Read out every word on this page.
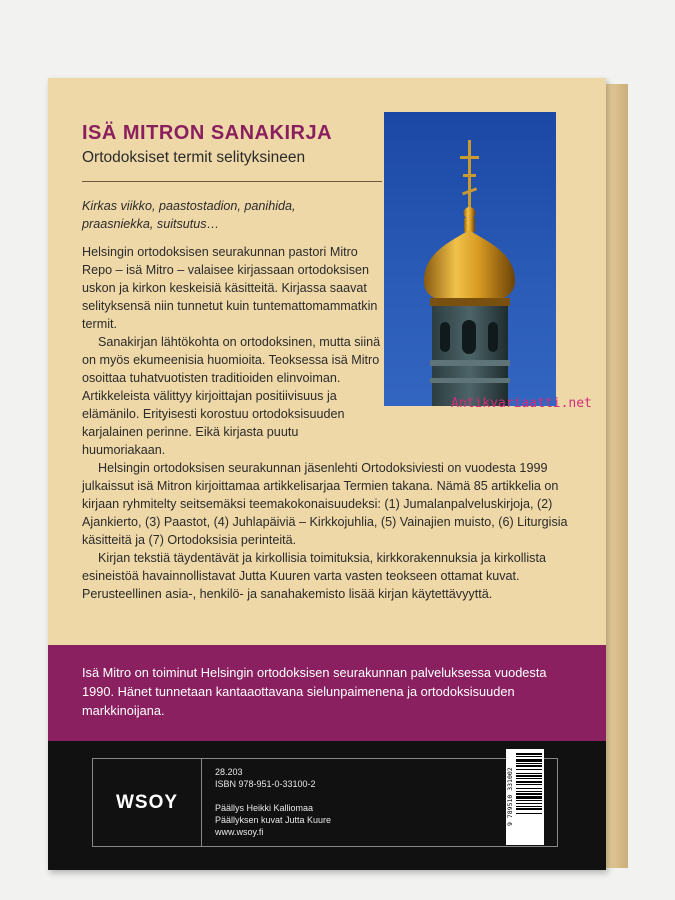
ISÄ MITRON SANAKIRJA
Ortodoksiset termit selityksineen
Kirkas viikko, paastostadion, panihida,
praasniekka, suitsutus…

Helsingin ortodoksisen seurakunnan pastori Mitro Repo – isä Mitro – valaisee kirjassaan ortodoksisen uskon ja kirkon keskeisiä käsitteitä. Kirjassa saavat selityksensä niin tunnetut kuin tuntemattomammatkin termit.

Sanakirjan lähtökohta on ortodoksinen, mutta siinä on myös ekumeenisia huomioita. Teoksessa isä Mitro osoittaa tuhatvuotisten traditioiden elinvoiman. Artikkeleista välittyy kirjoittajan positiivisuus ja elämänilo. Erityisesti korostuu ortodoksisuuden karjalainen perinne. Eikä kirjasta puutu huumoriakaan.

Helsingin ortodoksisen seurakunnan jäsenlehti Ortodoksiviesti on vuodesta 1999 julkaissut isä Mitron kirjoittamaa artikkelisarjaa Termien takana. Nämä 85 artikkelia on kirjaan ryhmitelty seitsemäksi teemakokonaisuudeksi: (1) Jumalanpalveluskirjoja, (2) Ajankierto, (3) Paastot, (4) Juhlapäiviä – Kirkkojuhlia, (5) Vainajien muisto, (6) Liturgisia käsitteitä ja (7) Ortodoksisia perinteitä.

Kirjan tekstiä täydentävät ja kirkollisia toimituksia, kirkkorakennuksia ja kirkollista esineistöä havainnollistavat Jutta Kuuren varta vasten teokseen ottamat kuvat. Perusteellinen asia-, henkilö- ja sanahakemisto lisää kirjan käytettävyyttä.

Antikvariaatti.net
Isä Mitro on toiminut Helsingin ortodoksisen seurakunnan palveluksessa vuodesta 1990. Hänet tunnetaan kantaaottavana sielunpaimenena ja ortodoksisuuden markkinoijana.
WSOY
28.203
ISBN 978-951-0-33100-2
Päällys Heikki Kalliomaa
Päällyksen kuvat Jutta Kuure
www.wsoy.fi
9 789510 331002
